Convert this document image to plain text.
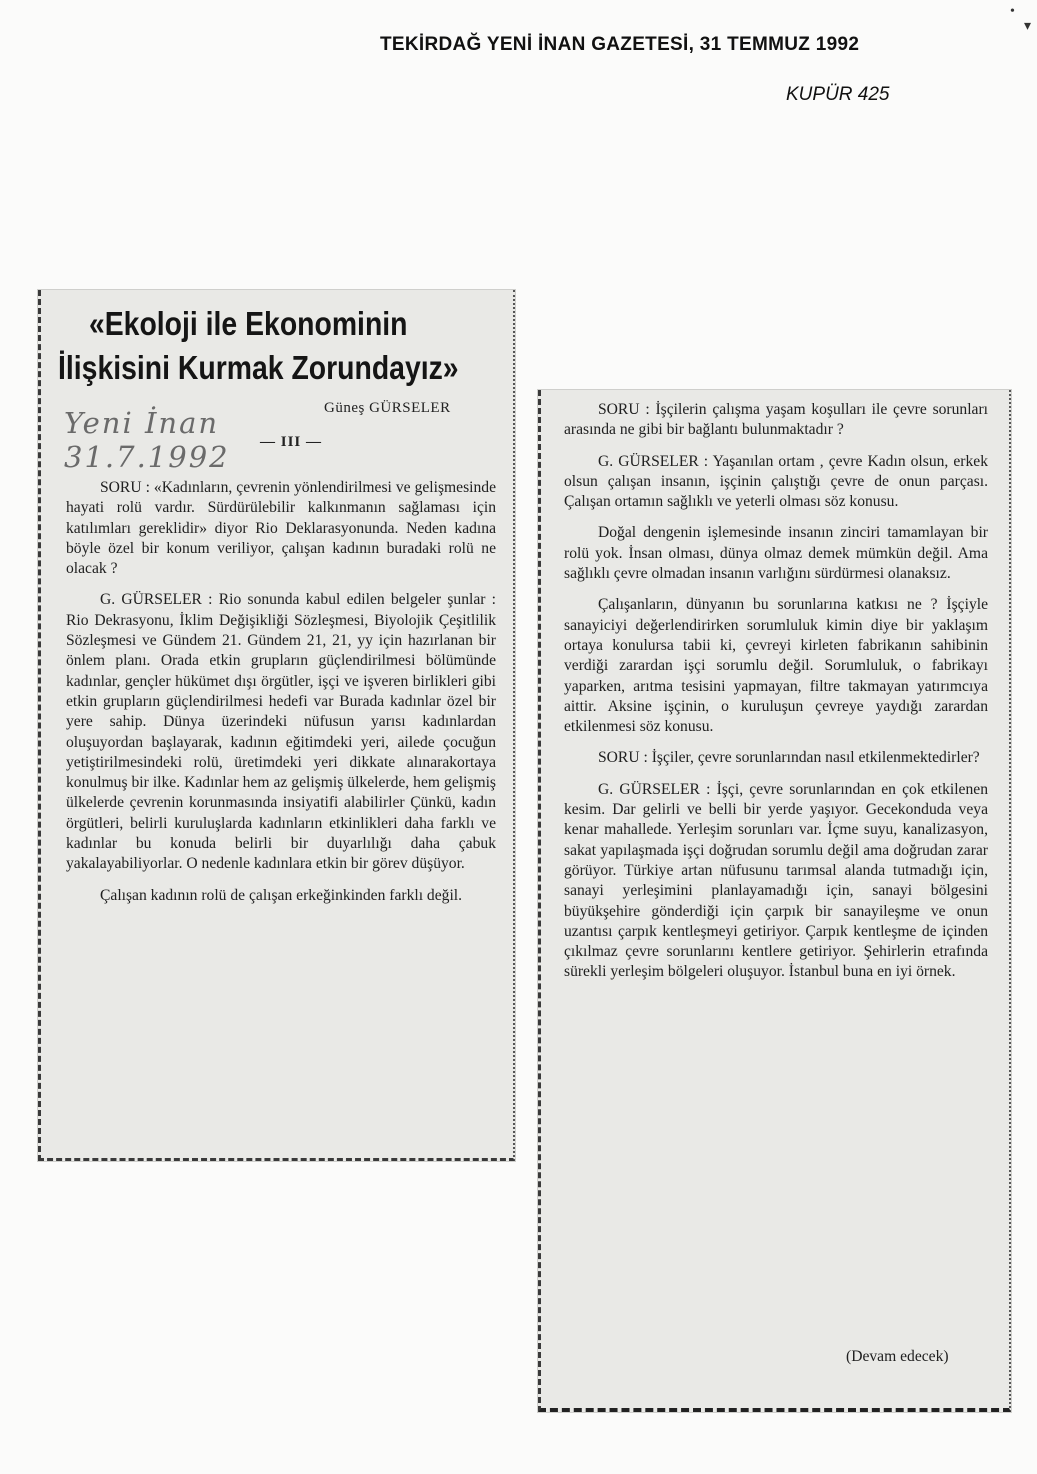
TEKİRDAĞ YENİ İNAN GAZETESİ, 31 TEMMUZ 1992
KUPÜR 425
•
▾
«Ekoloji ile Ekonominin
İlişkisini Kurmak Zorundayız»
Yeni İnan 31.7.1992
Güneş GÜRSELER
— III —

SORU : «Kadınların, çevrenin yönlendirilmesi ve gelişmesinde hayati rolü vardır. Sürdürülebilir kalkınmanın sağlaması için katılımları gereklidir» diyor Rio Deklarasyonunda. Neden kadına böyle özel bir konum veriliyor, çalışan kadının buradaki rolü ne olacak ?

G. GÜRSELER : Rio sonunda kabul edilen belgeler şunlar : Rio Dekrasyonu, İklim Değişikliği Sözleşmesi, Biyolojik Çeşitlilik Sözleşmesi ve Gündem 21. Gündem 21, 21, yy için hazırlanan bir önlem planı. Orada etkin grupların güçlendirilmesi bölümünde kadınlar, gençler hükümet dışı örgütler, işçi ve işveren birlikleri gibi etkin grupların güçlendirilmesi hedefi var Burada kadınlar özel bir yere sahip. Dünya üzerindeki nüfusun yarısı kadınlardan oluşuyordan başlayarak, kadının eğitimdeki yeri, ailede çocuğun yetiştirilmesindeki rolü, üretimdeki yeri dikkate alınarakortaya konulmuş bir ilke. Kadınlar hem az gelişmiş ülkelerde, hem gelişmiş ülkelerde çevrenin korunmasında insiyatifi alabilirler Çünkü, kadın örgütleri, belirli kuruluşlarda kadınların etkinlikleri daha farklı ve kadınlar bu konuda belirli bir duyarlılığı daha çabuk yakalayabiliyorlar. O nedenle kadınlara etkin bir görev düşüyor.

Çalışan kadının rolü de çalışan erkeğinkinden farklı değil.

SORU : İşçilerin çalışma yaşam koşulları ile çevre sorunları arasında ne gibi bir bağlantı bulunmaktadır ?

G. GÜRSELER : Yaşanılan ortam , çevre Kadın olsun, erkek olsun çalışan insanın, işçinin çalıştığı çevre de onun parçası. Çalışan ortamın sağlıklı ve yeterli olması söz konusu.

Doğal dengenin işlemesinde insanın zinciri tamamlayan bir rolü yok. İnsan olması, dünya olmaz demek mümkün değil. Ama sağlıklı çevre olmadan insanın varlığını sürdürmesi olanaksız.

Çalışanların, dünyanın bu sorunlarına katkısı ne ? İşçiyle sanayiciyi değerlendirirken sorumluluk kimin diye bir yaklaşım ortaya konulursa tabii ki, çevreyi kirleten fabrikanın sahibinin verdiği zarardan işçi sorumlu değil. Sorumluluk, o fabrikayı yaparken, arıtma tesisini yapmayan, filtre takmayan yatırımcıya aittir. Aksine işçinin, o kuruluşun çevreye yaydığı zarardan etkilenmesi söz konusu.

SORU : İşçiler, çevre sorunlarından nasıl etkilenmektedirler?

G. GÜRSELER : İşçi, çevre sorunlarından en çok etkilenen kesim. Dar gelirli ve belli bir yerde yaşıyor. Gecekonduda veya kenar mahallede. Yerleşim sorunları var. İçme suyu, kanalizasyon, sakat yapılaşmada işçi doğrudan sorumlu değil ama doğrudan zarar görüyor. Türkiye artan nüfusunu tarımsal alanda tutmadığı için, sanayi yerleşimini planlayamadığı için, sanayi bölgesini büyükşehire gönderdiği için çarpık bir sanayileşme ve onun uzantısı çarpık kentleşmeyi getiriyor. Çarpık kentleşme de içinden çıkılmaz çevre sorunlarını kentlere getiriyor. Şehirlerin etrafında sürekli yerleşim bölgeleri oluşuyor. İstanbul buna en iyi örnek.

(Devam edecek)
